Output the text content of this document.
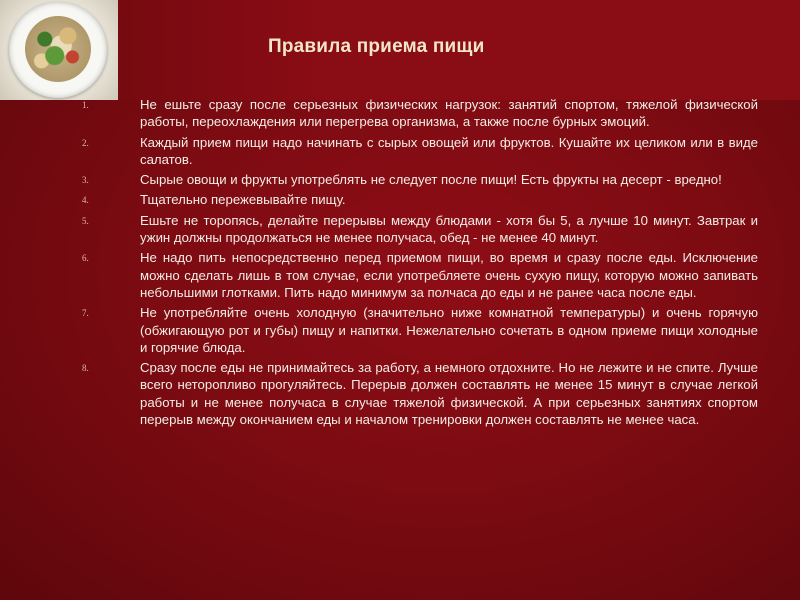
Правила приема пищи
1.	Не ешьте сразу после серьезных физических нагрузок: занятий спортом, тяжелой физической работы, переохлаждения или перегрева организма, а также после бурных эмоций.
2.	Каждый прием пищи надо начинать с сырых овощей или фруктов. Кушайте их целиком или в виде салатов.
3.	Сырые овощи и фрукты употреблять не следует после пищи! Есть фрукты на десерт - вредно!
4.	Тщательно пережевывайте пищу.
5.	Ешьте не торопясь, делайте перерывы между блюдами - хотя бы 5, а лучше 10 минут. Завтрак и ужин должны продолжаться не менее получаса, обед - не менее 40 минут.
6.	Не надо пить непосредственно перед приемом пищи, во время и сразу после еды. Исключение можно сделать лишь в том случае, если употребляете очень сухую пищу, которую можно запивать небольшими глотками. Пить надо минимум за полчаса до еды и не ранее часа после еды.
7.	Не употребляйте очень холодную (значительно ниже комнатной температуры) и очень горячую (обжигающую рот и губы) пищу и напитки. Нежелательно сочетать в одном приеме пищи холодные и горячие блюда.
8.	Сразу после еды не принимайтесь за работу, а немного отдохните. Но не лежите и не спите. Лучше всего неторопливо прогуляйтесь. Перерыв должен составлять не менее 15 минут в случае легкой работы и не менее получаса в случае тяжелой физической. А при серьезных занятиях спортом перерыв между окончанием еды и началом тренировки должен составлять не менее часа.
